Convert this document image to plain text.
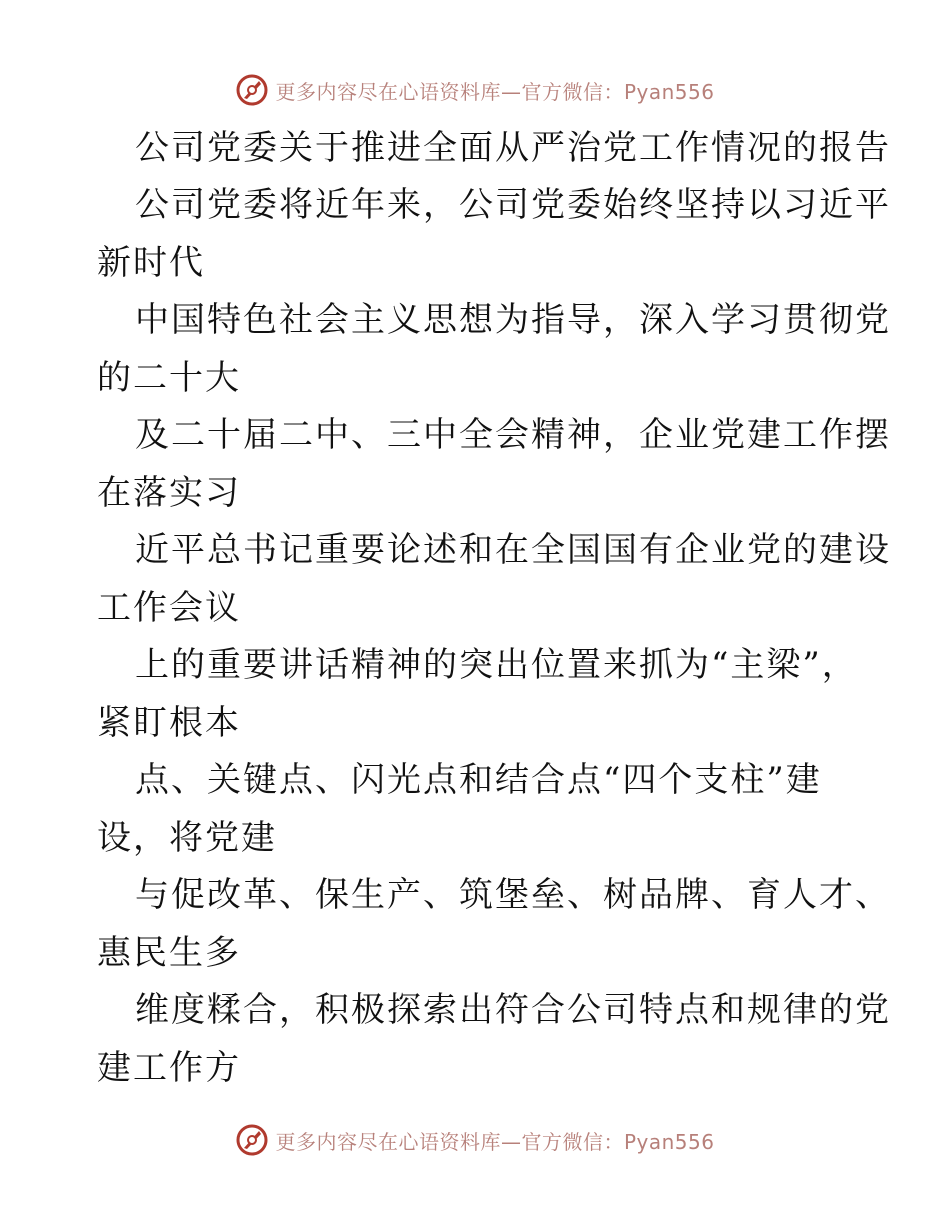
更多内容尽在心语资料库—官方微信：Pyan556
公司党委关于推进全面从严治党工作情况的报告
公司党委将近年来，公司党委始终坚持以习近平
新时代
中国特色社会主义思想为指导，深入学习贯彻党
的二十大
及二十届二中、三中全会精神，企业党建工作摆
在落实习
近平总书记重要论述和在全国国有企业党的建设
工作会议
上的重要讲话精神的突出位置来抓为“主梁”，
紧盯根本
点、关键点、闪光点和结合点“四个支柱”建
设，将党建
与促改革、保生产、筑堡垒、树品牌、育人才、
惠民生多
维度糅合，积极探索出符合公司特点和规律的党
建工作方
更多内容尽在心语资料库—官方微信：Pyan556
